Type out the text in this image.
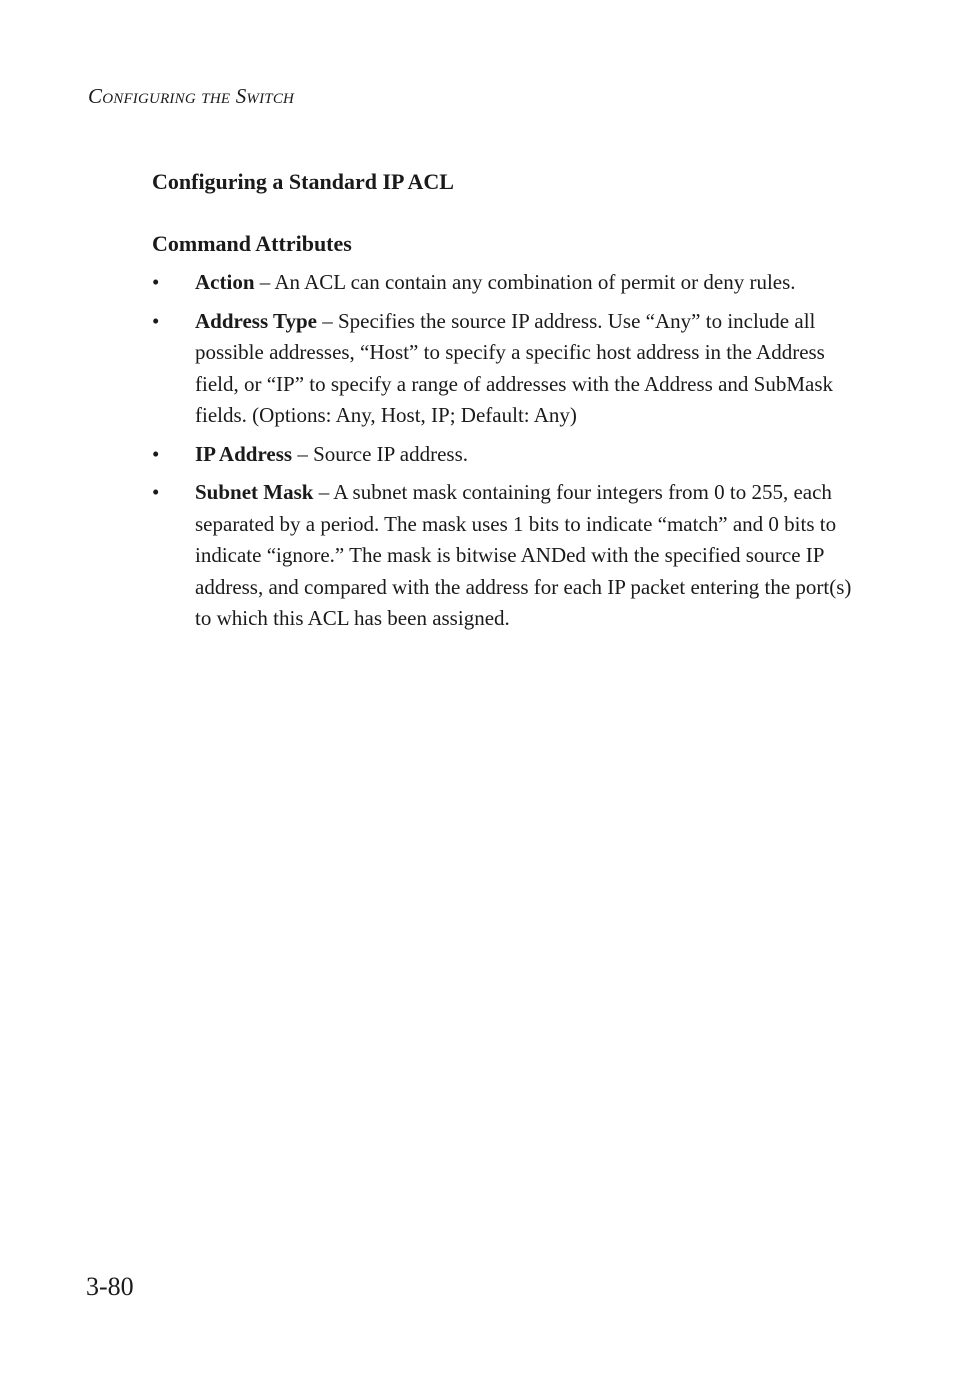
Configuring the Switch
Configuring a Standard IP ACL
Command Attributes
• Action – An ACL can contain any combination of permit or deny rules.
• Address Type – Specifies the source IP address. Use “Any” to include all possible addresses, “Host” to specify a specific host address in the Address field, or “IP” to specify a range of addresses with the Address and SubMask fields. (Options: Any, Host, IP; Default: Any)
• IP Address – Source IP address.
• Subnet Mask – A subnet mask containing four integers from 0 to 255, each separated by a period. The mask uses 1 bits to indicate “match” and 0 bits to indicate “ignore.” The mask is bitwise ANDed with the specified source IP address, and compared with the address for each IP packet entering the port(s) to which this ACL has been assigned.
3-80
